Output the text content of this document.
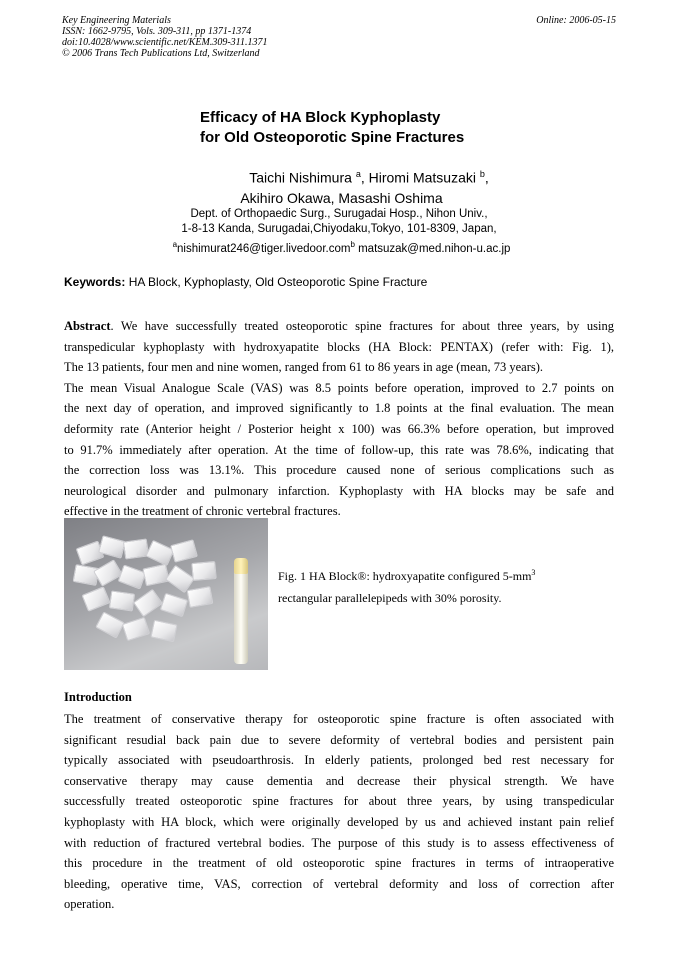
Key Engineering Materials
ISSN: 1662-9795, Vols. 309-311, pp 1371-1374
doi:10.4028/www.scientific.net/KEM.309-311.1371
© 2006 Trans Tech Publications Ltd, Switzerland
Online: 2006-05-15
Efficacy of HA Block Kyphoplasty
for Old Osteoporotic Spine Fractures
Taichi Nishimura $^a$, Hiromi Matsuzaki $^b$,
Akihiro Okawa, Masashi Oshima
Dept. of Orthopaedic Surg., Surugadai Hosp., Nihon Univ.,
1-8-13 Kanda, Surugadai,Chiyodaku,Tokyo, 101-8309, Japan,
$^a$nishimurat246@tiger.livedoor.com$^b$ matsuzak@med.nihon-u.ac.jp
Keywords: HA Block, Kyphoplasty, Old Osteoporotic Spine Fracture
Abstract. We have successfully treated osteoporotic spine fractures for about three years, by using
transpedicular kyphoplasty with hydroxyapatite blocks (HA Block: PENTAX) (refer with: Fig. 1),
The 13 patients, four men and nine women, ranged from 61 to 86 years in age (mean, 73 years).
The mean Visual Analogue Scale (VAS) was 8.5 points before operation, improved to 2.7 points on
the next day of operation, and improved significantly to 1.8 points at the final evaluation. The mean
deformity rate (Anterior height / Posterior height x 100) was 66.3% before operation, but improved
to 91.7% immediately after operation. At the time of follow-up, this rate was 78.6%, indicating that
the correction loss was 13.1%. This procedure caused none of serious complications such as
neurological disorder and pulmonary infarction. Kyphoplasty with HA blocks may be safe and
effective in the treatment of chronic vertebral fractures.
Fig. 1 HA Block®: hydroxyapatite configured $5-mm^3$
rectangular parallelepipeds with 30% porosity.
Introduction
The treatment of conservative therapy for osteoporotic spine fracture is often associated with
significant resudial back pain due to severe deformity of vertebral bodies and persistent pain
typically associated with pseudoarthrosis. In elderly patients, prolonged bed rest necessary for
conservative therapy may cause dementia and decrease their physical strength. We have
successfully treated osteoporotic spine fractures for about three years, by using transpedicular
kyphoplasty with HA block, which were originally developed by us and achieved instant pain relief
with reduction of fractured vertebral bodies. The purpose of this study is to assess effectiveness of
this procedure in the treatment of old osteoporotic spine fractures in terms of intraoperative
bleeding, operative time, VAS, correction of vertebral deformity and loss of correction after
operation.
